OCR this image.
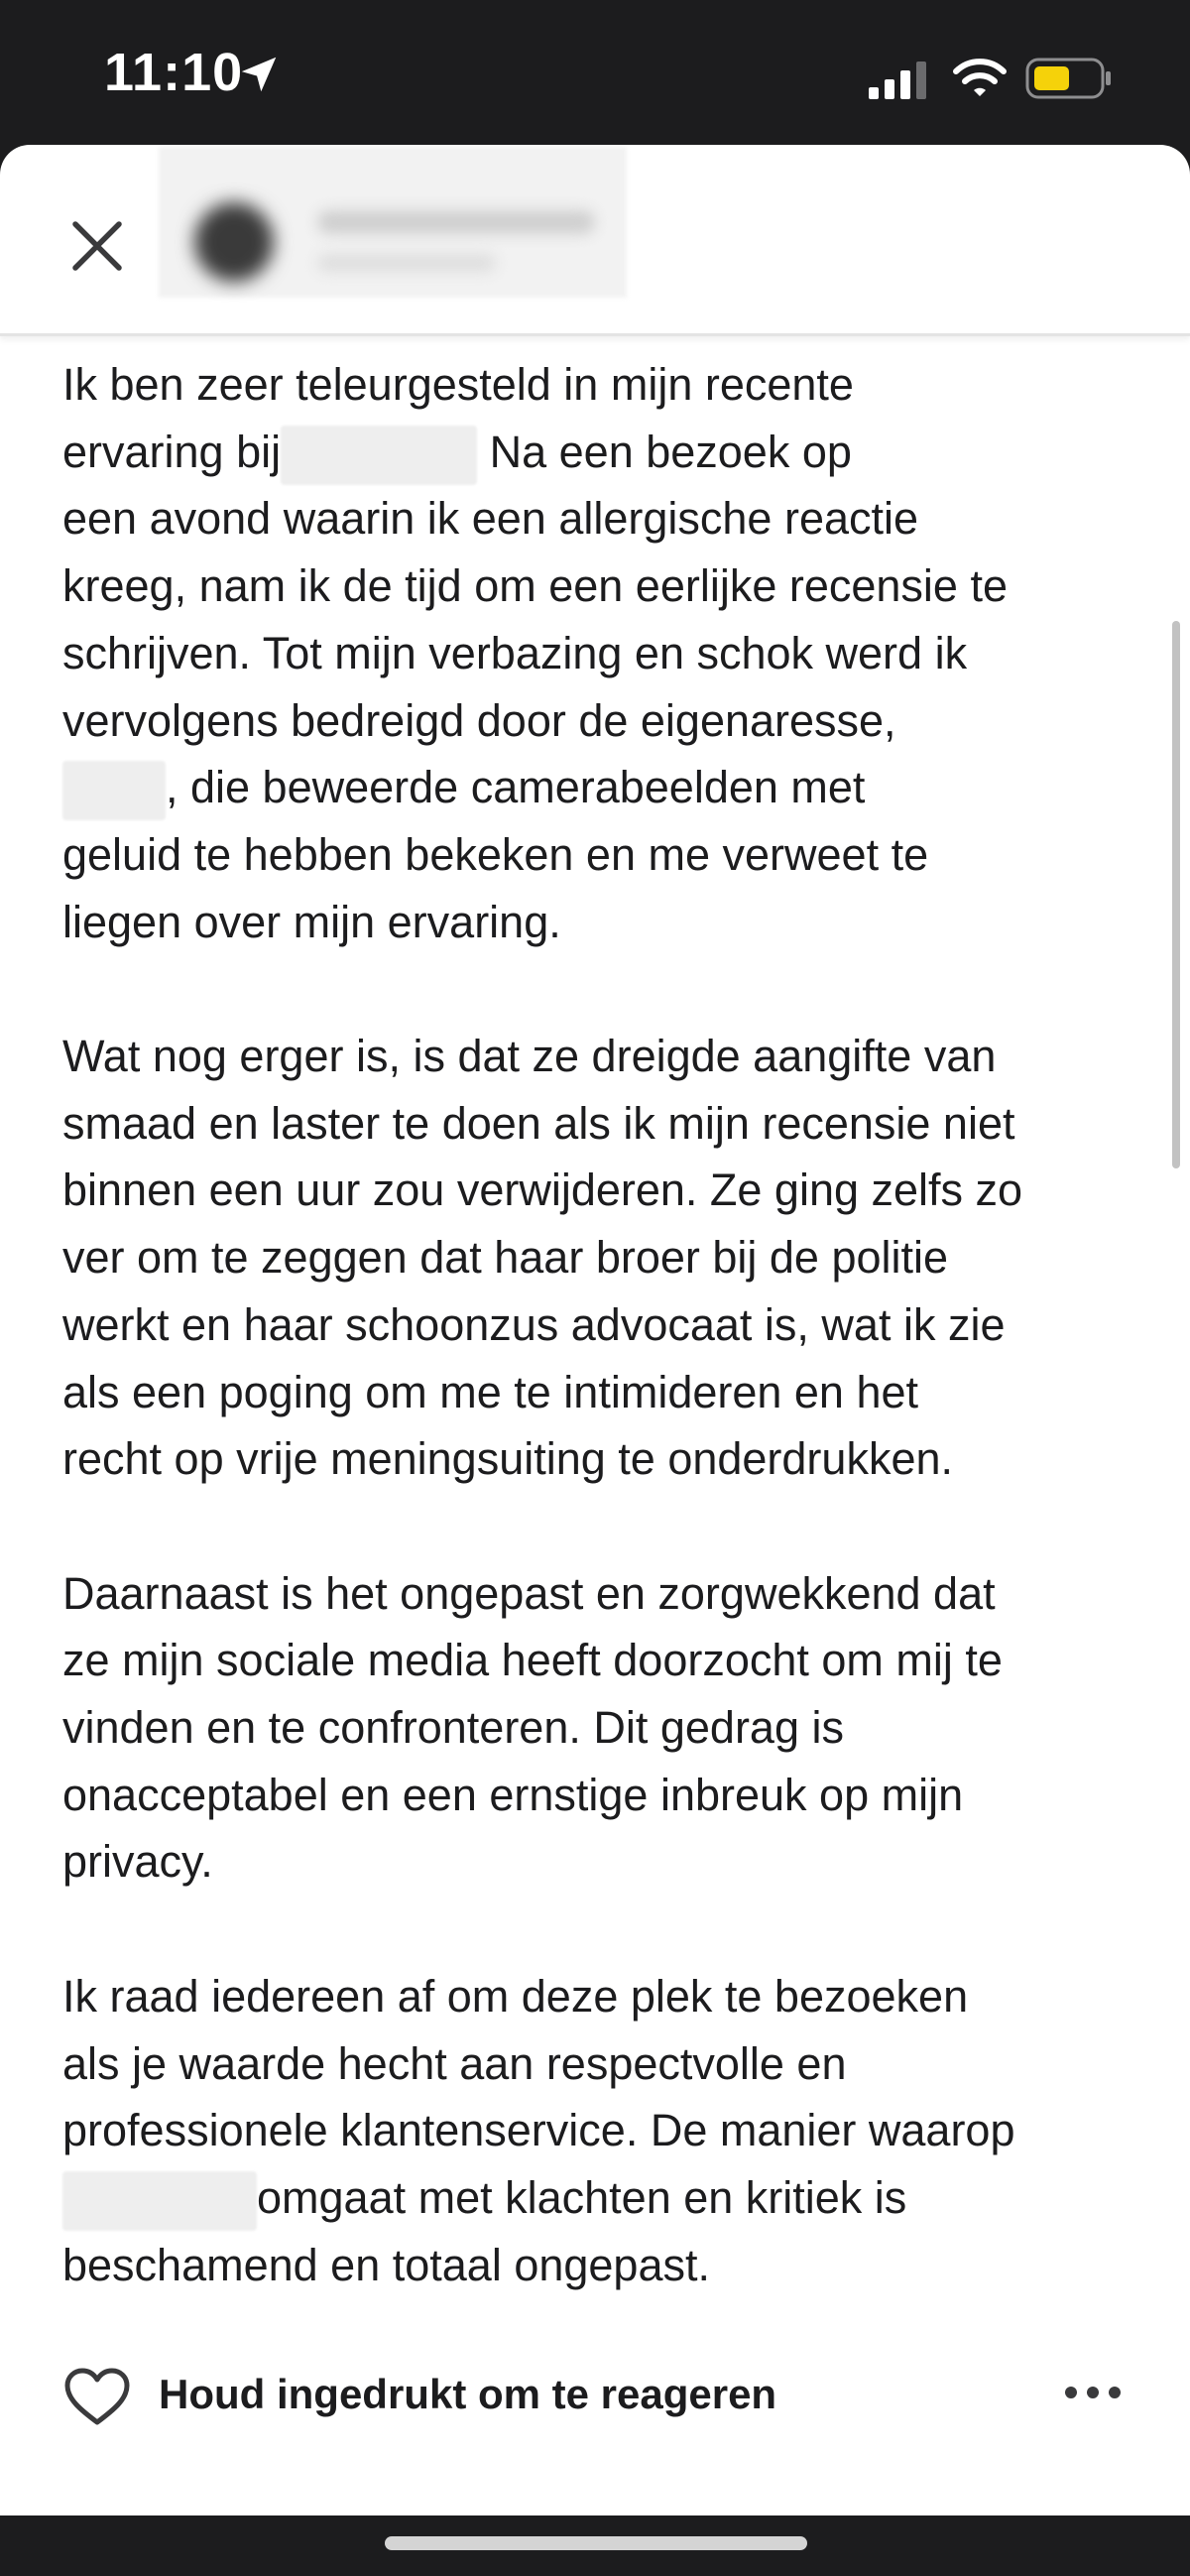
11:10

Ik ben zeer teleurgesteld in mijn recente
ervaring bij	Na een bezoek op
een avond waarin ik een allergische reactie
kreeg, nam ik de tijd om een eerlijke recensie te
schrijven. Tot mijn verbazing en schok werd ik
vervolgens bedreigd door de eigenaresse,
, die beweerde camerabeelden met
geluid te hebben bekeken en me verweet te
liegen over mijn ervaring.

Wat nog erger is, is dat ze dreigde aangifte van
smaad en laster te doen als ik mijn recensie niet
binnen een uur zou verwijderen. Ze ging zelfs zo
ver om te zeggen dat haar broer bij de politie
werkt en haar schoonzus advocaat is, wat ik zie
als een poging om me te intimideren en het
recht op vrije meningsuiting te onderdrukken.

Daarnaast is het ongepast en zorgwekkend dat
ze mijn sociale media heeft doorzocht om mij te
vinden en te confronteren. Dit gedrag is
onacceptabel en een ernstige inbreuk op mijn
privacy.

Ik raad iedereen af om deze plek te bezoeken
als je waarde hecht aan respectvolle en
professionele klantenservice. De manier waarop
omgaat met klachten en kritiek is
beschamend en totaal ongepast.

Houd ingedrukt om te reageren
